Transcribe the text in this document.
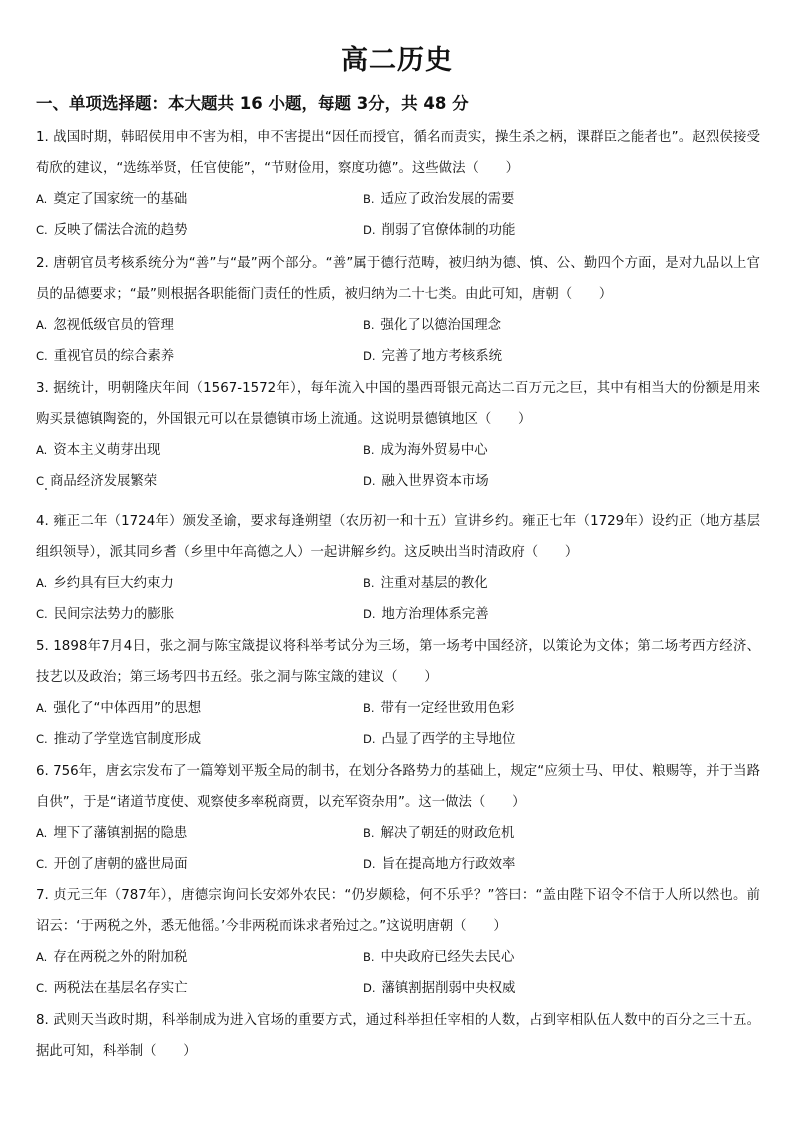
高二历史
一、单项选择题：本大题共 16 小题，每题 3分，共 48 分

1. 战国时期，韩昭侯用申不害为相，申不害提出“因任而授官，循名而责实，操生杀之柄，课群臣之能者也”。赵烈侯接受荀欣的建议，“选练举贤，任官使能”，“节财俭用，察度功德”。这些做法（　　）

A. 奠定了国家统一的基础	B. 适应了政治发展的需要
C. 反映了儒法合流的趋势	D. 削弱了官僚体制的功能

2. 唐朝官员考核系统分为“善”与“最”两个部分。“善”属于德行范畴，被归纳为德、慎、公、勤四个方面，是对九品以上官员的品德要求；“最”则根据各职能衙门责任的性质，被归纳为二十七类。由此可知，唐朝（　　）

A. 忽视低级官员的管理	B. 强化了以德治国理念
C. 重视官员的综合素养	D. 完善了地方考核系统

3. 据统计，明朝隆庆年间（1567-1572年），每年流入中国的墨西哥银元高达二百万元之巨，其中有相当大的份额是用来购买景德镇陶瓷的，外国银元可以在景德镇市场上流通。这说明景德镇地区（　　）

A. 资本主义萌芽出现	B. 成为海外贸易中心
C 商品经济发展繁荣	D. 融入世界资本市场

4. 雍正二年（1724年）颁发圣谕，要求每逢朔望（农历初一和十五）宣讲乡约。雍正七年（1729年）设约正（地方基层组织领导），派其同乡耆（乡里中年高德之人）一起讲解乡约。这反映出当时清政府（　　）

A. 乡约具有巨大约束力	B. 注重对基层的教化
C. 民间宗法势力的膨胀	D. 地方治理体系完善

5. 1898年7月4日，张之洞与陈宝箴提议将科举考试分为三场，第一场考中国经济，以策论为文体；第二场考西方经济、技艺以及政治；第三场考四书五经。张之洞与陈宝箴的建议（　　）

A. 强化了“中体西用”的思想	B. 带有一定经世致用色彩
C. 推动了学堂选官制度形成	D. 凸显了西学的主导地位

6. 756年，唐玄宗发布了一篇筹划平叛全局的制书，在划分各路势力的基础上，规定“应须士马、甲仗、粮赐等，并于当路自供”，于是“诸道节度使、观察使多率税商贾，以充军资杂用”。这一做法（　　）

A. 埋下了藩镇割据的隐患	B. 解决了朝廷的财政危机
C. 开创了唐朝的盛世局面	D. 旨在提高地方行政效率

7. 贞元三年（787年），唐德宗询问长安郊外农民：“仍岁颇稔，何不乐乎？”答曰：“盖由陛下诏令不信于人所以然也。前诏云：‘于两税之外，悉无他徭。’今非两税而诛求者殆过之。”这说明唐朝（　　）

A. 存在两税之外的附加税	B. 中央政府已经失去民心
C. 两税法在基层名存实亡	D. 藩镇割据削弱中央权威

8. 武则天当政时期，科举制成为进入官场的重要方式，通过科举担任宰相的人数，占到宰相队伍人数中的百分之三十五。据此可知，科举制（　　）
